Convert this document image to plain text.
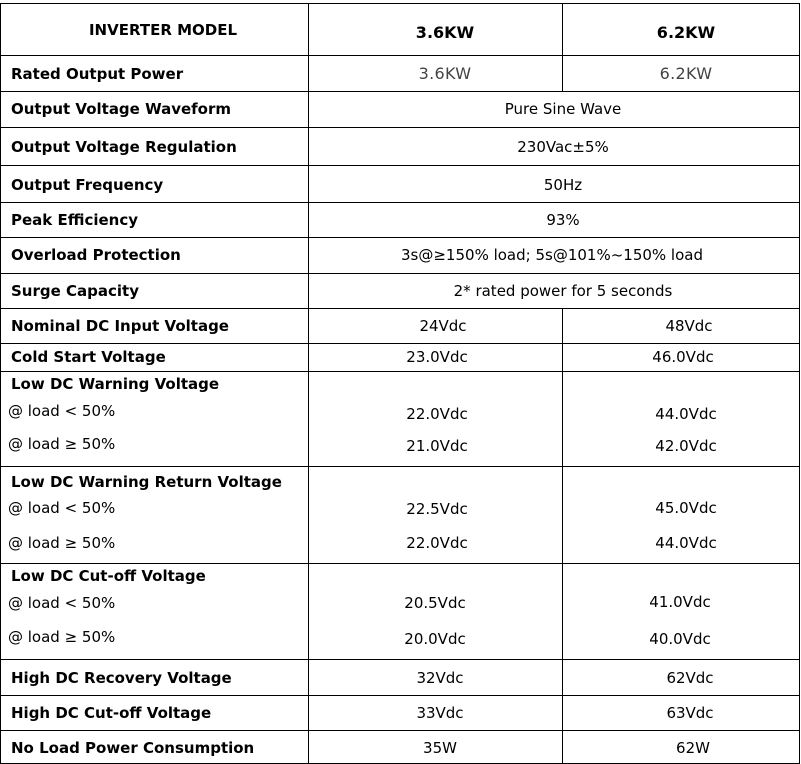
INVERTER MODEL	3.6KW	6.2KW
Rated Output Power	3.6KW	6.2KW
Output Voltage Waveform	Pure Sine Wave
Output Voltage Regulation	230Vac±5%
Output Frequency	50Hz
Peak Efficiency	93%
Overload Protection	3s@≥150% load; 5s@101%~150% load
Surge Capacity	2* rated power for 5 seconds
Nominal DC Input Voltage	24Vdc	48Vdc
Cold Start Voltage	23.0Vdc	46.0Vdc
Low DC Warning Voltage
@ load < 50%	22.0Vdc	44.0Vdc
@ load ≥ 50%	21.0Vdc	42.0Vdc
Low DC Warning Return Voltage
@ load < 50%	22.5Vdc	45.0Vdc
@ load ≥ 50%	22.0Vdc	44.0Vdc
Low DC Cut-off Voltage
@ load < 50%	20.5Vdc	41.0Vdc
@ load ≥ 50%	20.0Vdc	40.0Vdc
High DC Recovery Voltage	32Vdc	62Vdc
High DC Cut-off Voltage	33Vdc	63Vdc
No Load Power Consumption	35W	62W
